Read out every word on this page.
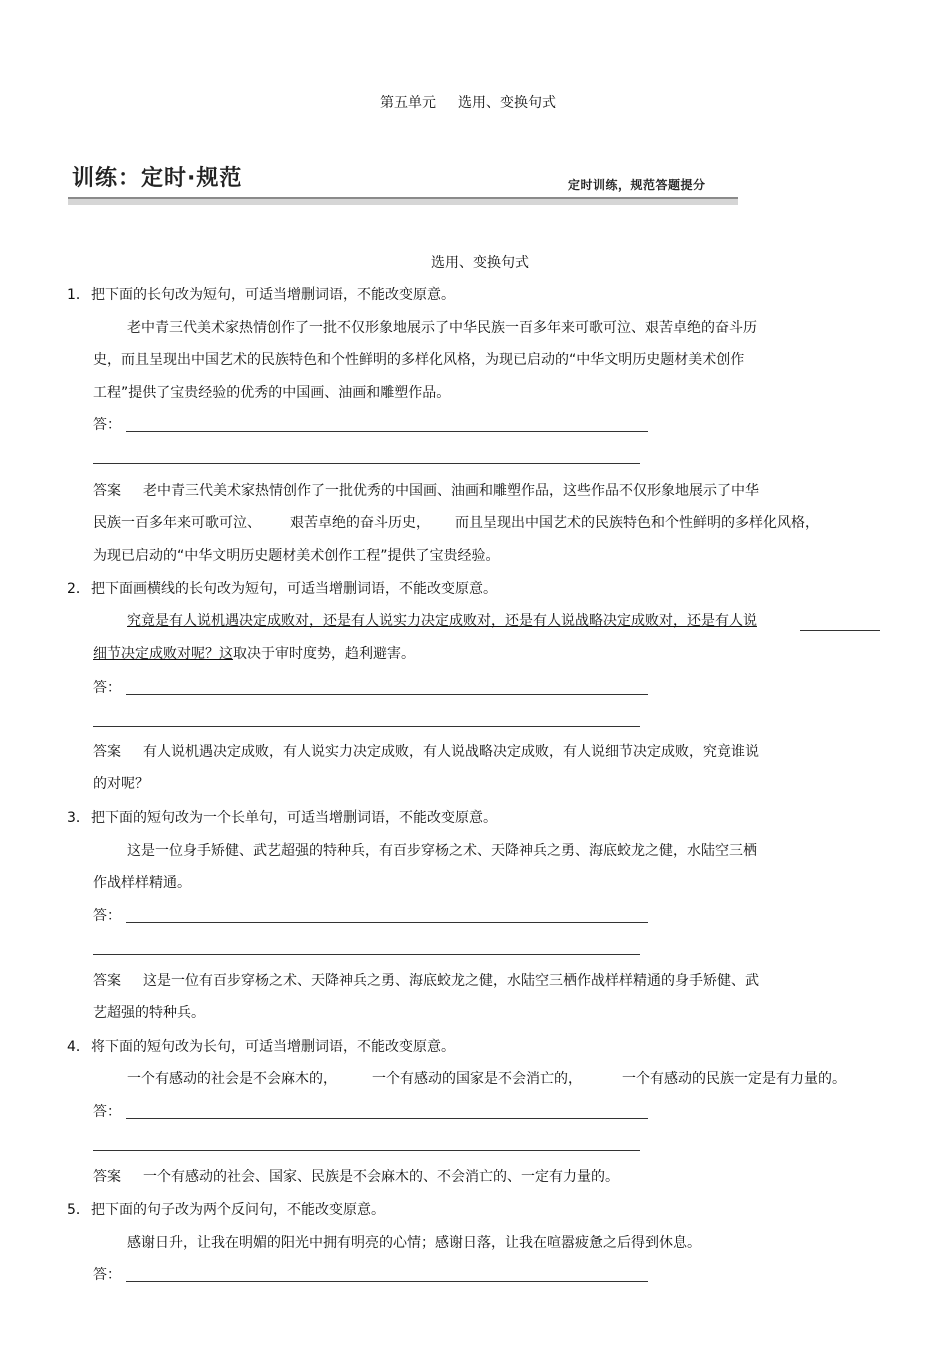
第五单元 选用、变换句式
训练：定时·规范	定时训练，规范答题提分
选用、变换句式
1． 把下面的长句改为短句，可适当增删词语，不能改变原意。
老中青三代美术家热情创作了一批不仅形象地展示了中华民族一百多年来可歌可泣、艰苦卓绝的奋斗历
史，而且呈现出中国艺术的民族特色和个性鲜明的多样化风格，为现已启动的“中华文明历史题材美术创作
工程”提供了宝贵经验的优秀的中国画、油画和雕塑作品。
答：
答案 老中青三代美术家热情创作了一批优秀的中国画、油画和雕塑作品，这些作品不仅形象地展示了中华
民族一百多年来可歌可泣、 艰苦卓绝的奋斗历史， 而且呈现出中国艺术的民族特色和个性鲜明的多样化风格，
为现已启动的“中华文明历史题材美术创作工程”提供了宝贵经验。
2． 把下面画横线的长句改为短句，可适当增删词语，不能改变原意。
究竟是有人说机遇决定成败对，还是有人说实力决定成败对，还是有人说战略决定成败对，还是有人说
细节决定成败对呢？这取决于审时度势，趋利避害。
答：
答案 有人说机遇决定成败，有人说实力决定成败，有人说战略决定成败，有人说细节决定成败，究竟谁说
的对呢？
3． 把下面的短句改为一个长单句，可适当增删词语，不能改变原意。
这是一位身手矫健、武艺超强的特种兵，有百步穿杨之术、天降神兵之勇、海底蛟龙之健，水陆空三栖
作战样样精通。
答：
答案 这是一位有百步穿杨之术、天降神兵之勇、海底蛟龙之健，水陆空三栖作战样样精通的身手矫健、武
艺超强的特种兵。
4． 将下面的短句改为长句，可适当增删词语，不能改变原意。
一个有感动的社会是不会麻木的，	一个有感动的国家是不会消亡的，	一个有感动的民族一定是有力量的。
答：
答案 一个有感动的社会、国家、民族是不会麻木的、不会消亡的、一定有力量的。
5． 把下面的句子改为两个反问句，不能改变原意。
感谢日升，让我在明媚的阳光中拥有明亮的心情；感谢日落，让我在喧嚣疲惫之后得到休息。
答：
